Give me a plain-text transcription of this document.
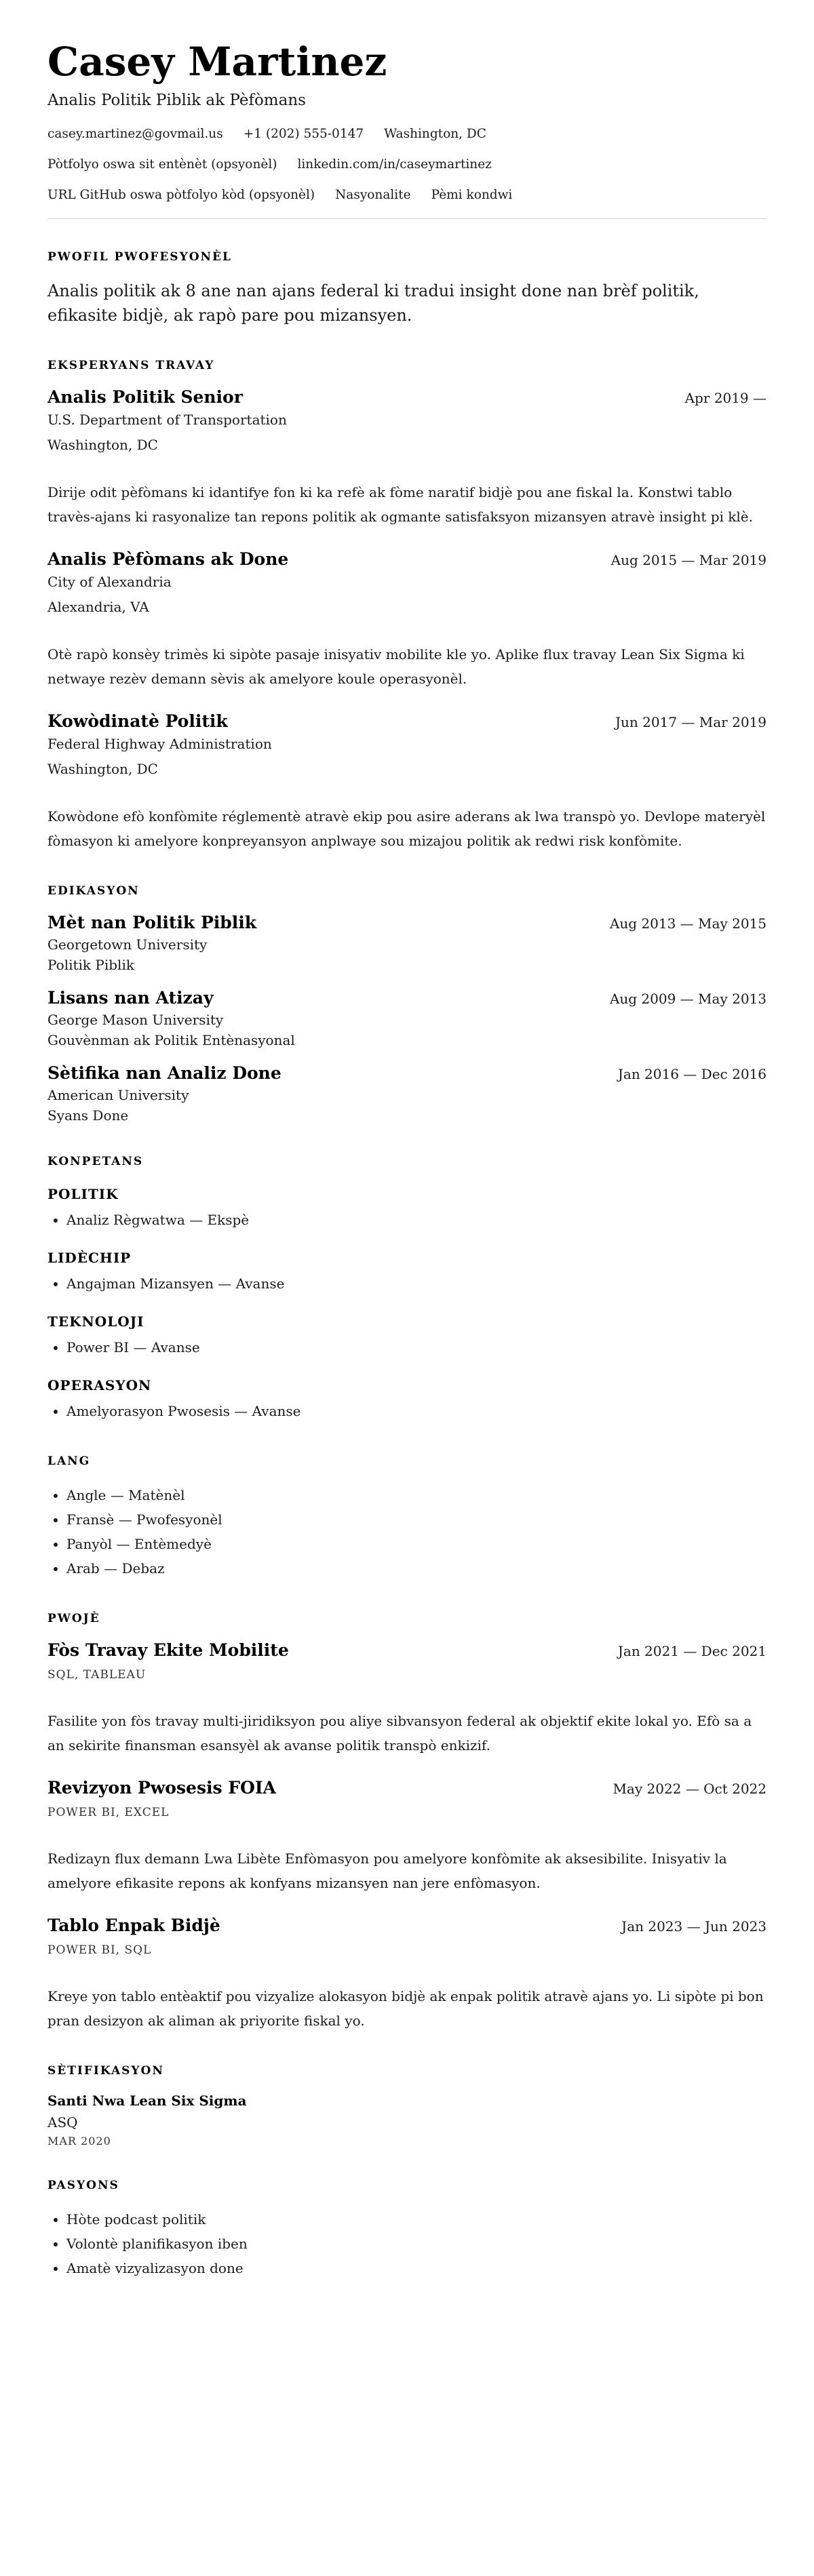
Casey Martinez
Analis Politik Piblik ak Pèfòmans
casey.martinez@govmail.us +1 (202) 555-0147 Washington, DC
Pòtfolyo oswa sit entènèt (opsyonèl) linkedin.com/in/caseymartinez
URL GitHub oswa pòtfolyo kòd (opsyonèl) Nasyonalite Pèmi kondwi
PWOFIL PWOFESYONÈL

Analis politik ak 8 ane nan ajans federal ki tradui insight done nan brèf politik, efikasite bidjè, ak rapò pare pou mizansyen.

EKSPERYANS TRAVAY
Analis Politik Senior	Apr 2019 —
U.S. Department of Transportation
Washington, DC

Dirije odit pèfòmans ki idantifye fon ki ka refè ak fòme naratif bidjè pou ane fiskal la. Konstwi tablo travès-ajans ki rasyonalize tan repons politik ak ogmante satisfaksyon mizansyen atravè insight pi klè.

Analis Pèfòmans ak Done	Aug 2015 — Mar 2019
City of Alexandria
Alexandria, VA

Otè rapò konsèy trimès ki sipòte pasaje inisyativ mobilite kle yo. Aplike flux travay Lean Six Sigma ki netwaye rezèv demann sèvis ak amelyore koule operasyonèl.

Kowòdinatè Politik	Jun 2017 — Mar 2019
Federal Highway Administration
Washington, DC

Kowòdone efò konfòmite réglementè atravè ekip pou asire aderans ak lwa transpò yo. Devlope materyèl fòmasyon ki amelyore konpreyansyon anplwaye sou mizajou politik ak redwi risk konfòmite.

EDIKASYON
Mèt nan Politik Piblik	Aug 2013 — May 2015
Georgetown University
Politik Piblik
Lisans nan Atizay	Aug 2009 — May 2013
George Mason University
Gouvènman ak Politik Entènasyonal
Sètifika nan Analiz Done	Jan 2016 — Dec 2016
American University
Syans Done
KONPETANS
POLITIK
• Analiz Règwatwa — Ekspè
LIDÈCHIP
• Angajman Mizansyen — Avanse
TEKNOLOJI
• Power BI — Avanse
OPERASYON
• Amelyorasyon Pwosesis — Avanse
LANG
• Angle — Matènèl
• Fransè — Pwofesyonèl
• Panyòl — Entèmedyè
• Arab — Debaz
PWOJÈ
Fòs Travay Ekite Mobilite	Jan 2021 — Dec 2021
SQL, TABLEAU

Fasilite yon fòs travay multi-jiridiksyon pou aliye sibvansyon federal ak objektif ekite lokal yo. Efò sa a an sekirite finansman esansyèl ak avanse politik transpò enkizif.

Revizyon Pwosesis FOIA	May 2022 — Oct 2022
POWER BI, EXCEL

Redizayn flux demann Lwa Libète Enfòmasyon pou amelyore konfòmite ak aksesibilite. Inisyativ la amelyore efikasite repons ak konfyans mizansyen nan jere enfòmasyon.

Tablo Enpak Bidjè	Jan 2023 — Jun 2023
POWER BI, SQL

Kreye yon tablo entèaktif pou vizyalize alokasyon bidjè ak enpak politik atravè ajans yo. Li sipòte pi bon pran desizyon ak aliman ak priyorite fiskal yo.

SÈTIFIKASYON
Santi Nwa Lean Six Sigma
ASQ
MAR 2020
PASYONS
• Hòte podcast politik
• Volontè planifikasyon iben
• Amatè vizyalizasyon done
